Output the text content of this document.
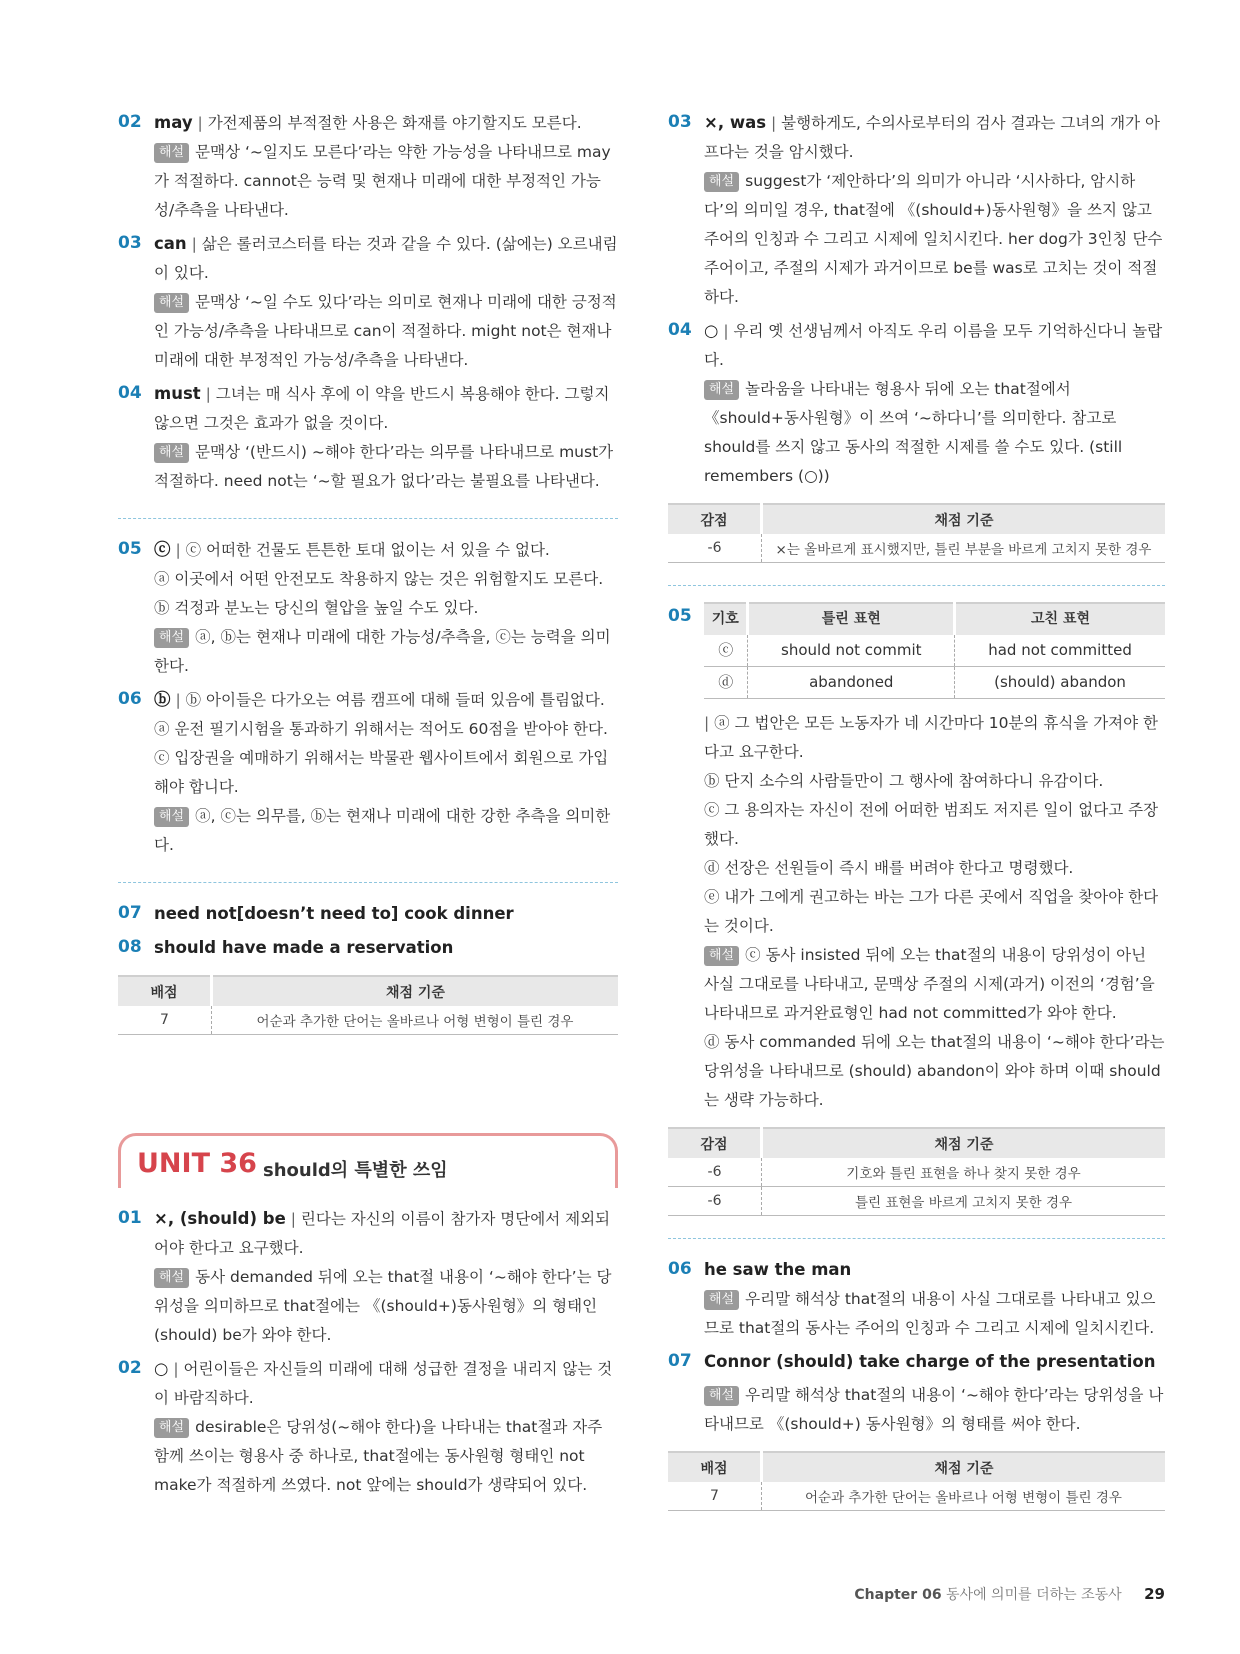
02 may | 가전제품의 부적절한 사용은 화재를 야기할지도 모른다.
해설 문맥상 ‘~일지도 모른다’라는 약한 가능성을 나타내므로 may가 적절하다. cannot은 능력 및 현재나 미래에 대한 부정적인 가능성/추측을 나타낸다.
03 can | 삶은 롤러코스터를 타는 것과 같을 수 있다. (삶에는) 오르내림이 있다.
해설 문맥상 ‘~일 수도 있다’라는 의미로 현재나 미래에 대한 긍정적인 가능성/추측을 나타내므로 can이 적절하다. might not은 현재나 미래에 대한 부정적인 가능성/추측을 나타낸다.
04 must | 그녀는 매 식사 후에 이 약을 반드시 복용해야 한다. 그렇지 않으면 그것은 효과가 없을 것이다.
해설 문맥상 ‘(반드시) ~해야 한다’라는 의무를 나타내므로 must가 적절하다. need not는 ‘~할 필요가 없다’라는 불필요를 나타낸다.
05 ⓒ | ⓒ 어떠한 건물도 튼튼한 토대 없이는 서 있을 수 없다.
ⓐ 이곳에서 어떤 안전모도 착용하지 않는 것은 위험할지도 모른다.
ⓑ 걱정과 분노는 당신의 혈압을 높일 수도 있다.
해설 ⓐ, ⓑ는 현재나 미래에 대한 가능성/추측을, ⓒ는 능력을 의미한다.
06 ⓑ | ⓑ 아이들은 다가오는 여름 캠프에 대해 들떠 있음에 틀림없다.
ⓐ 운전 필기시험을 통과하기 위해서는 적어도 60점을 받아야 한다.
ⓒ 입장권을 예매하기 위해서는 박물관 웹사이트에서 회원으로 가입해야 합니다.
해설 ⓐ, ⓒ는 의무를, ⓑ는 현재나 미래에 대한 강한 추측을 의미한다.
07 need not[doesn’t need to] cook dinner
08 should have made a reservation
배점	채점 기준
7	어순과 추가한 단어는 올바르나 어형 변형이 틀린 경우
UNIT 36 should의 특별한 쓰임
01 ×, (should) be | 린다는 자신의 이름이 참가자 명단에서 제외되어야 한다고 요구했다.
해설 동사 demanded 뒤에 오는 that절 내용이 ‘~해야 한다’는 당위성을 의미하므로 that절에는 《(should+)동사원형》의 형태인 (should) be가 와야 한다.
02 ○ | 어린이들은 자신들의 미래에 대해 성급한 결정을 내리지 않는 것이 바람직하다.
해설 desirable은 당위성(~해야 한다)을 나타내는 that절과 자주 함께 쓰이는 형용사 중 하나로, that절에는 동사원형 형태인 not make가 적절하게 쓰였다. not 앞에는 should가 생략되어 있다.
03 ×, was | 불행하게도, 수의사로부터의 검사 결과는 그녀의 개가 아프다는 것을 암시했다.
해설 suggest가 ‘제안하다’의 의미가 아니라 ‘시사하다, 암시하다’의 의미일 경우, that절에 《(should+)동사원형》을 쓰지 않고 주어의 인칭과 수 그리고 시제에 일치시킨다. her dog가 3인칭 단수 주어이고, 주절의 시제가 과거이므로 be를 was로 고치는 것이 적절하다.
04 ○ | 우리 옛 선생님께서 아직도 우리 이름을 모두 기억하신다니 놀랍다.
해설 놀라움을 나타내는 형용사 뒤에 오는 that절에서 《should+동사원형》이 쓰여 ‘~하다니’를 의미한다. 참고로 should를 쓰지 않고 동사의 적절한 시제를 쓸 수도 있다. (still remembers (○))
감점	채점 기준
-6	×는 올바르게 표시했지만, 틀린 부분을 바르게 고치지 못한 경우
05 기호	틀린 표현	고친 표현
ⓒ	should not commit	had not committed
ⓓ	abandoned	(should) abandon
| ⓐ 그 법안은 모든 노동자가 네 시간마다 10분의 휴식을 가져야 한다고 요구한다.
ⓑ 단지 소수의 사람들만이 그 행사에 참여하다니 유감이다.
ⓒ 그 용의자는 자신이 전에 어떠한 범죄도 저지른 일이 없다고 주장했다.
ⓓ 선장은 선원들이 즉시 배를 버려야 한다고 명령했다.
ⓔ 내가 그에게 권고하는 바는 그가 다른 곳에서 직업을 찾아야 한다는 것이다.
해설 ⓒ 동사 insisted 뒤에 오는 that절의 내용이 당위성이 아닌 사실 그대로를 나타내고, 문맥상 주절의 시제(과거) 이전의 ‘경험’을 나타내므로 과거완료형인 had not committed가 와야 한다.
ⓓ 동사 commanded 뒤에 오는 that절의 내용이 ‘~해야 한다’라는 당위성을 나타내므로 (should) abandon이 와야 하며 이때 should는 생략 가능하다.
감점	채점 기준
-6	기호와 틀린 표현을 하나 찾지 못한 경우
-6	틀린 표현을 바르게 고치지 못한 경우
06 he saw the man
해설 우리말 해석상 that절의 내용이 사실 그대로를 나타내고 있으므로 that절의 동사는 주어의 인칭과 수 그리고 시제에 일치시킨다.
07 Connor (should) take charge of the presentation
해설 우리말 해석상 that절의 내용이 ‘~해야 한다’라는 당위성을 나타내므로 《(should+) 동사원형》의 형태를 써야 한다.
배점	채점 기준
7	어순과 추가한 단어는 올바르나 어형 변형이 틀린 경우
Chapter 06 동사에 의미를 더하는 조동사 29
